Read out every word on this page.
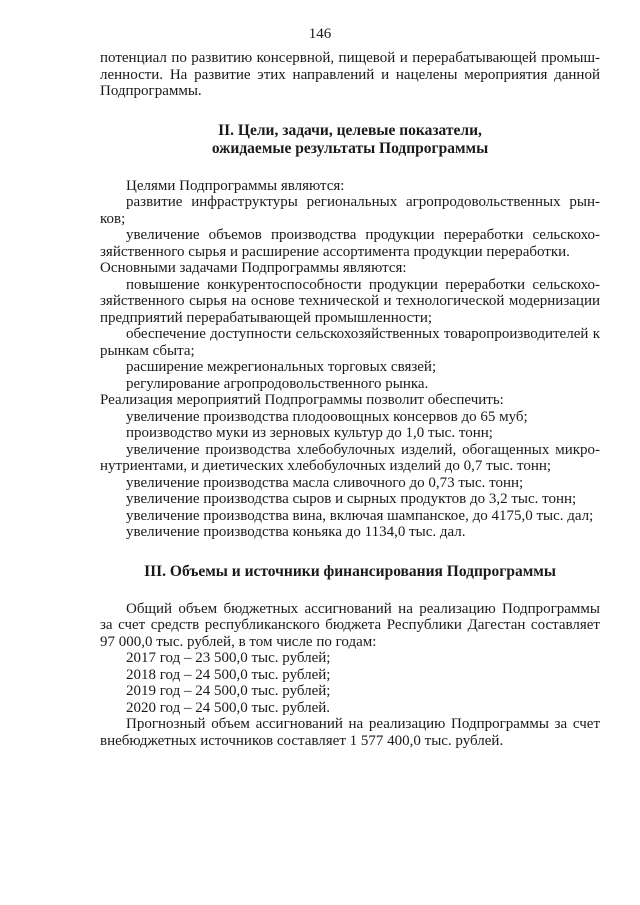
146

потенциал по развитию консервной, пищевой и перерабатывающей промыш-

ленности. На развитие этих направлений и нацелены мероприятия данной

Подпрограммы.

II. Цели, задачи, целевые показатели,

ожидаемые результаты Подпрограммы

Целями Подпрограммы являются:

развитие инфраструктуры региональных агропродовольственных рын-ков;

увеличение объемов производства продукции переработки сельскохо-зяйственного сырья и расширение ассортимента продукции переработки.

Основными задачами Подпрограммы являются:

повышение конкурентоспособности продукции переработки сельскохо-зяйственного сырья на основе технической и технологической модернизации предприятий перерабатывающей промышленности;

обеспечение доступности сельскохозяйственных товаропроизводителей к рынкам сбыта;

расширение межрегиональных торговых связей;

регулирование агропродовольственного рынка.

Реализация мероприятий Подпрограммы позволит обеспечить:

увеличение производства плодоовощных консервов до 65 муб;

производство муки из зерновых культур до 1,0 тыс. тонн;

увеличение производства хлебобулочных изделий, обогащенных микро-нутриентами, и диетических хлебобулочных изделий до 0,7 тыс. тонн;

увеличение производства масла сливочного до 0,73 тыс. тонн;

увеличение производства сыров и сырных продуктов до 3,2 тыс. тонн;

увеличение производства вина, включая шампанское, до 4175,0 тыс. дал;

увеличение производства коньяка до 1134,0 тыс. дал.

III. Объемы и источники финансирования Подпрограммы

Общий объем бюджетных ассигнований на реализацию Подпрограммы за счет средств республиканского бюджета Республики Дагестан составляет 97 000,0 тыс. рублей, в том числе по годам:

2017 год – 23 500,0 тыс. рублей;

2018 год – 24 500,0 тыс. рублей;

2019 год – 24 500,0 тыс. рублей;

2020 год – 24 500,0 тыс. рублей.

Прогнозный объем ассигнований на реализацию Подпрограммы за счет внебюджетных источников составляет 1 577 400,0 тыс. рублей.
